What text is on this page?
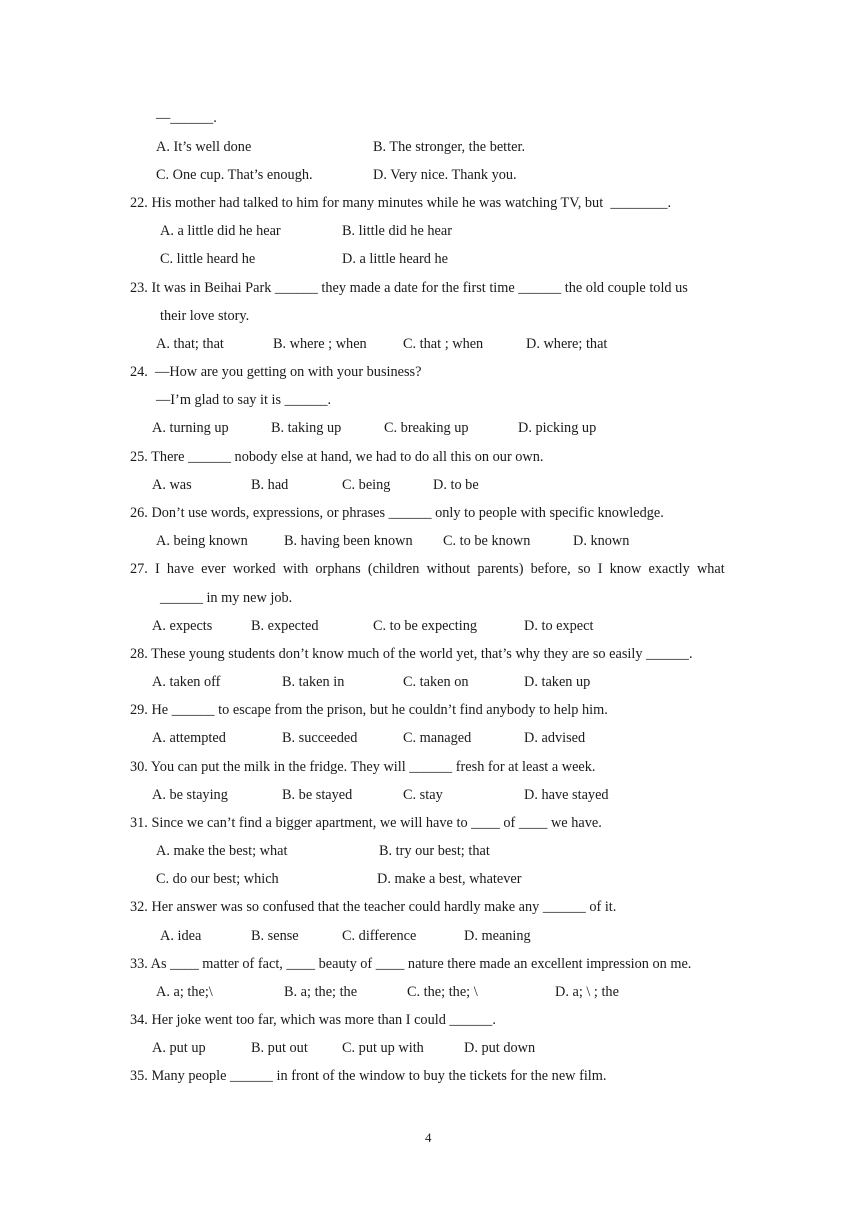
—______.
A. It’s well done	B. The stronger, the better.
C. One cup. That’s enough.	D. Very nice. Thank you.
22. His mother had talked to him for many minutes while he was watching TV, but  ________.
A. a little did he hear	B. little did he hear
C. little heard he	D. a little heard he
23. It was in Beihai Park ______ they made a date for the first time ______ the old couple told us
their love story.
A. that; that	B. where ; when	C. that ; when	D. where; that
24.  —How are you getting on with your business?
—I’m glad to say it is ______.
A. turning up	B. taking up	C. breaking up	D. picking up
25. There ______ nobody else at hand, we had to do all this on our own.
A. was	B. had	C. being	D. to be
26. Don’t use words, expressions, or phrases ______ only to people with specific knowledge.
A. being known	B. having been known C. to be known	D. known
27.  I  have  ever  worked  with  orphans  (children  without  parents)  before,  so  I  know  exactly  what
______ in my new job.
A. expects	B. expected	C. to be expecting	D. to expect
28. These young students don’t know much of the world yet, that’s why they are so easily ______.
A. taken off	B. taken in	C. taken on	D. taken up
29. He ______ to escape from the prison, but he couldn’t find anybody to help him.
A. attempted	B. succeeded	C. managed	D. advised
30. You can put the milk in the fridge. They will ______ fresh for at least a week.
A. be staying	B. be stayed	C. stay	D. have stayed
31. Since we can’t find a bigger apartment, we will have to ____ of ____ we have.
A. make the best; what	B. try our best; that
C. do our best; which	D. make a best, whatever
32. Her answer was so confused that the teacher could hardly make any ______ of it.
A. idea	B. sense	C. difference	D. meaning
33. As ____ matter of fact, ____ beauty of ____ nature there made an excellent impression on me.
A. a; the;\	B. a; the; the	C. the; the; \	D. a; \ ; the
34. Her joke went too far, which was more than I could ______.
A. put up	B. put out C. put up with	D. put down
35. Many people ______ in front of the window to buy the tickets for the new film.
4
